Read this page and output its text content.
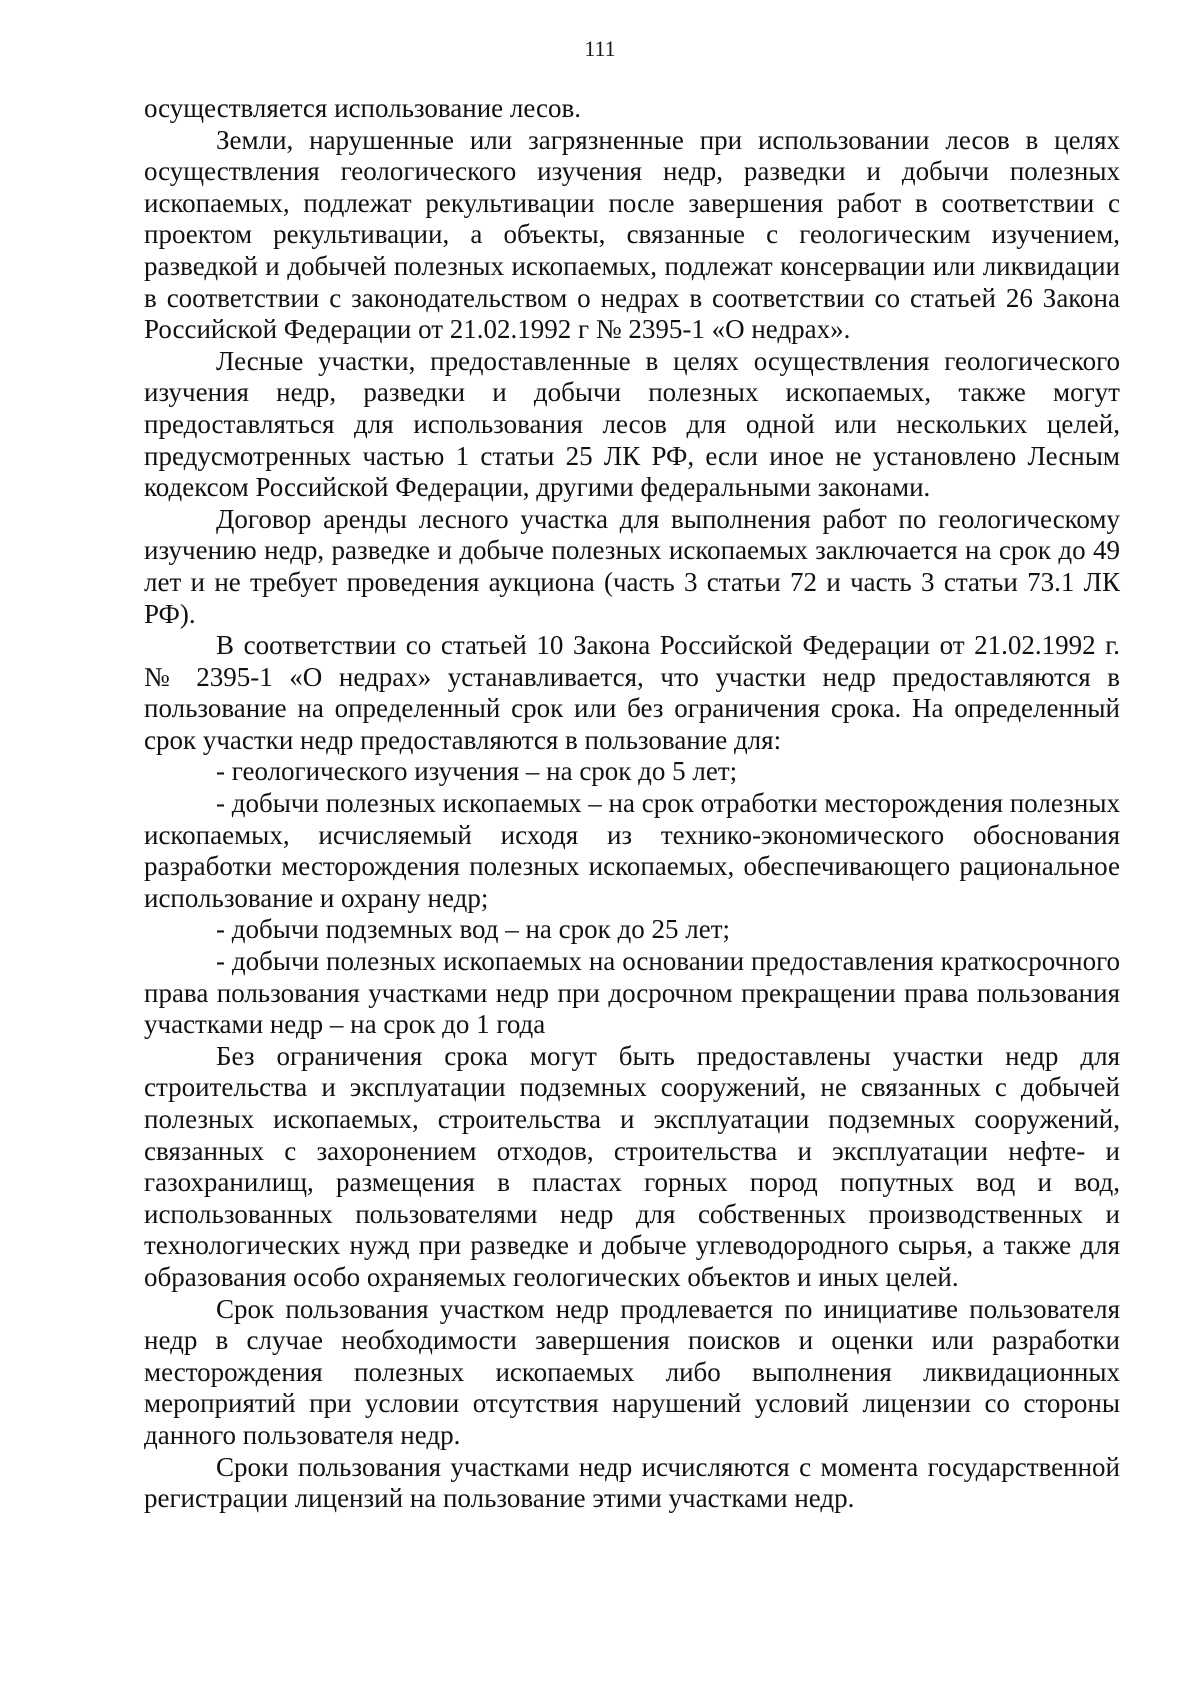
111

осуществляется использование лесов.

Земли, нарушенные или загрязненные при использовании лесов в целях осуществления геологического изучения недр, разведки и добычи полезных ископаемых, подлежат рекультивации после завершения работ в соответствии с проектом рекультивации, а объекты, связанные с геологическим изучением, разведкой и добычей полезных ископаемых, подлежат консервации или ликвидации в соответствии с законодательством о недрах в соответствии со статьей 26 Закона Российской Федерации от 21.02.1992 г № 2395-1 «О недрах».

Лесные участки, предоставленные в целях осуществления геологического изучения недр, разведки и добычи полезных ископаемых, также могут предоставляться для использования лесов для одной или нескольких целей, предусмотренных частью 1 статьи 25 ЛК РФ, если иное не установлено Лесным кодексом Российской Федерации, другими федеральными законами.

Договор аренды лесного участка для выполнения работ по геологическому изучению недр, разведке и добыче полезных ископаемых заключается на срок до 49 лет и не требует проведения аукциона (часть 3 статьи 72 и часть 3 статьи 73.1 ЛК РФ).

В соответствии со статьей 10 Закона Российской Федерации от 21.02.1992 г. № 2395-1 «О недрах» устанавливается, что участки недр предоставляются в пользование на определенный срок или без ограничения срока. На определенный срок участки недр предоставляются в пользование для:

- геологического изучения – на срок до 5 лет;

- добычи полезных ископаемых – на срок отработки месторождения полезных ископаемых, исчисляемый исходя из технико-экономического обоснования разработки месторождения полезных ископаемых, обеспечивающего рациональное использование и охрану недр;

- добычи подземных вод – на срок до 25 лет;

- добычи полезных ископаемых на основании предоставления краткосрочного права пользования участками недр при досрочном прекращении права пользования участками недр – на срок до 1 года

Без ограничения срока могут быть предоставлены участки недр для строительства и эксплуатации подземных сооружений, не связанных с добычей полезных ископаемых, строительства и эксплуатации подземных сооружений, связанных с захоронением отходов, строительства и эксплуатации нефте- и газохранилищ, размещения в пластах горных пород попутных вод и вод, использованных пользователями недр для собственных производственных и технологических нужд при разведке и добыче углеводородного сырья, а также для образования особо охраняемых геологических объектов и иных целей.

Срок пользования участком недр продлевается по инициативе пользователя недр в случае необходимости завершения поисков и оценки или разработки месторождения полезных ископаемых либо выполнения ликвидационных мероприятий при условии отсутствия нарушений условий лицензии со стороны данного пользователя недр.

Сроки пользования участками недр исчисляются с момента государственной регистрации лицензий на пользование этими участками недр.
